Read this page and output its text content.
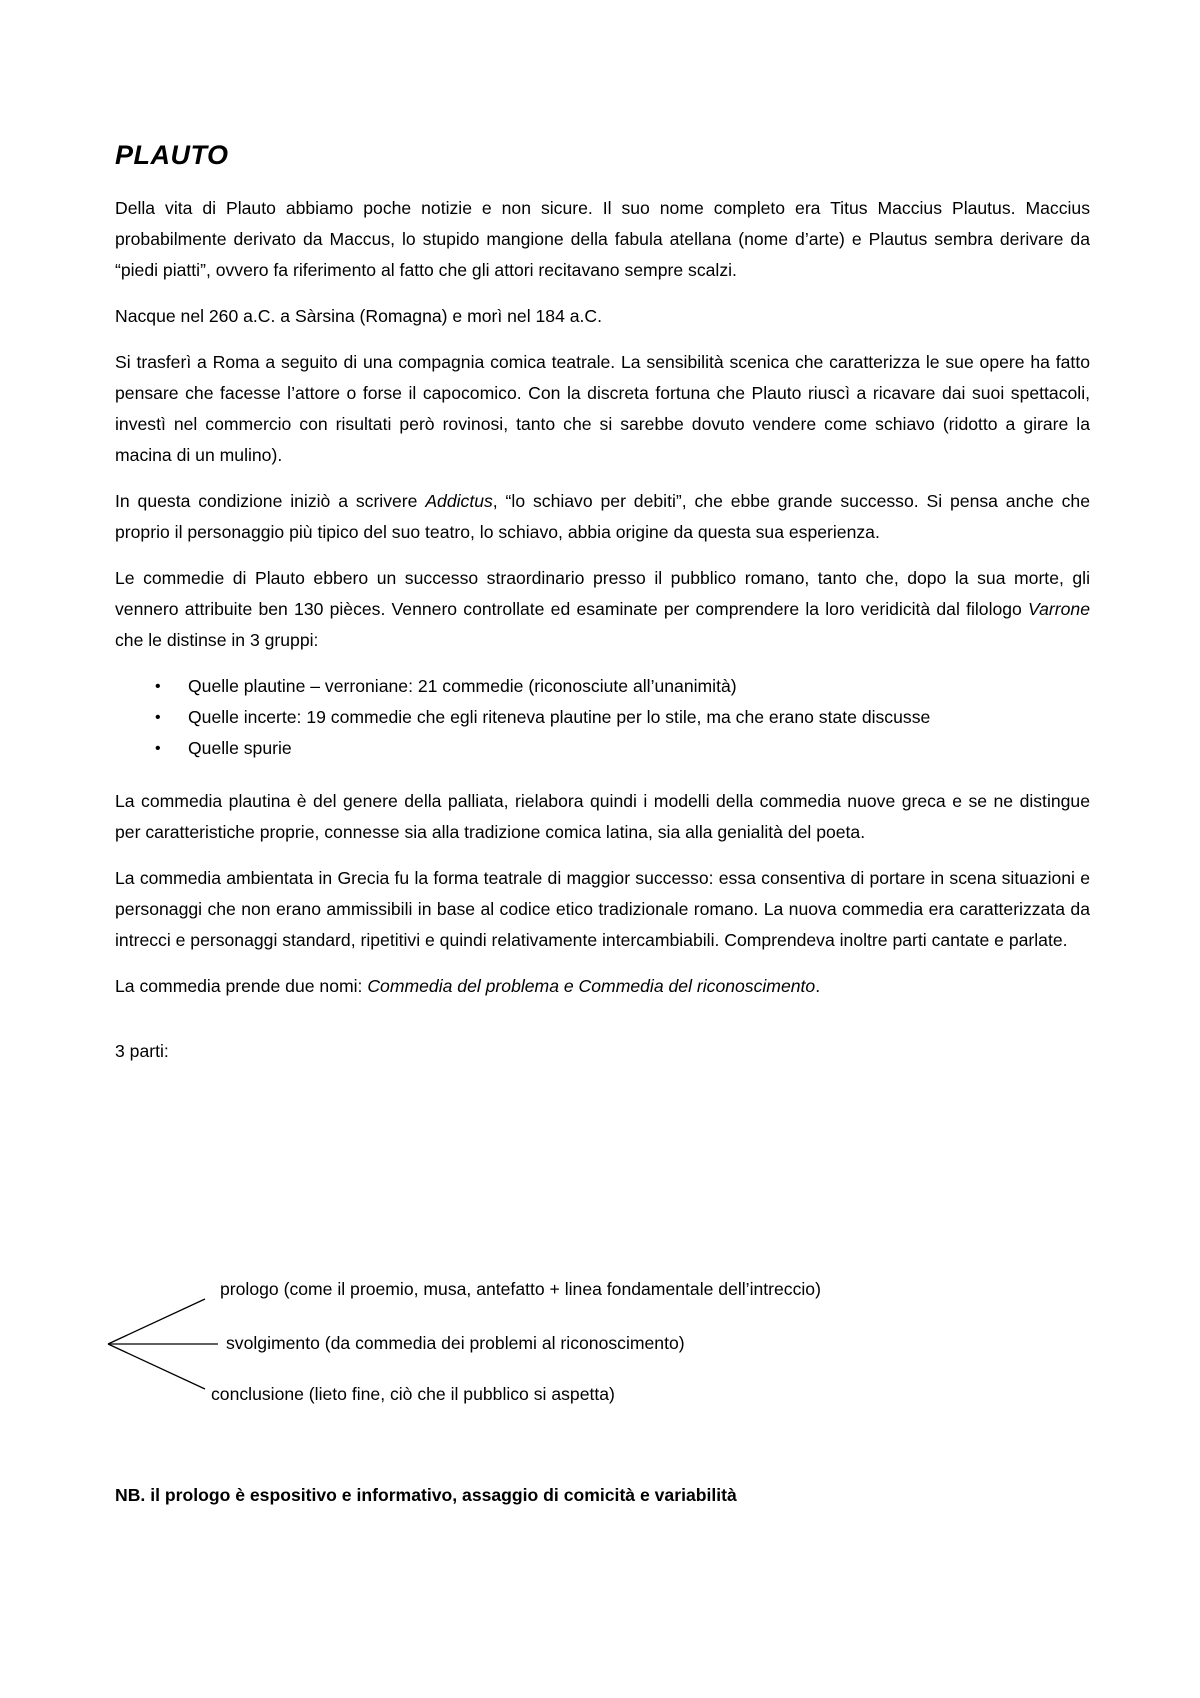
PLAUTO

Della vita di Plauto abbiamo poche notizie e non sicure. Il suo nome completo era Titus Maccius Plautus. Maccius probabilmente derivato da Maccus, lo stupido mangione della fabula atellana (nome d’arte) e Plautus sembra derivare da “piedi piatti”, ovvero fa riferimento al fatto che gli attori recitavano sempre scalzi.

Nacque nel 260 a.C. a Sàrsina (Romagna) e morì nel 184 a.C.

Si trasferì a Roma a seguito di una compagnia comica teatrale. La sensibilità scenica che caratterizza le sue opere ha fatto pensare che facesse l’attore o forse il capocomico. Con la discreta fortuna che Plauto riuscì a ricavare dai suoi spettacoli, investì nel commercio con risultati però rovinosi, tanto che si sarebbe dovuto vendere come schiavo (ridotto a girare la macina di un mulino).

In questa condizione iniziò a scrivere Addictus, “lo schiavo per debiti”, che ebbe grande successo. Si pensa anche che proprio il personaggio più tipico del suo teatro, lo schiavo, abbia origine da questa sua esperienza.

Le commedie di Plauto ebbero un successo straordinario presso il pubblico romano, tanto che, dopo la sua morte, gli vennero attribuite ben 130 pièces. Vennero controllate ed esaminate per comprendere la loro veridicità dal filologo Varrone che le distinse in 3 gruppi:

• Quelle plautine – verroniane: 21 commedie (riconosciute all’unanimità)
• Quelle incerte: 19 commedie che egli riteneva plautine per lo stile, ma che erano state discusse
• Quelle spurie

La commedia plautina è del genere della palliata, rielabora quindi i modelli della commedia nuove greca e se ne distingue per caratteristiche proprie, connesse sia alla tradizione comica latina, sia alla genialità del poeta.

La commedia ambientata in Grecia fu la forma teatrale di maggior successo: essa consentiva di portare in scena situazioni e personaggi che non erano ammissibili in base al codice etico tradizionale romano. La nuova commedia era caratterizzata da intrecci e personaggi standard, ripetitivi e quindi relativamente intercambiabili. Comprendeva inoltre parti cantate e parlate.

La commedia prende due nomi: Commedia del problema e Commedia del riconoscimento.

3 parti:
prologo (come il proemio, musa, antefatto + linea fondamentale dell’intreccio)
svolgimento (da commedia dei problemi al riconoscimento)
conclusione (lieto fine, ciò che il pubblico si aspetta)
NB. il prologo è espositivo e informativo, assaggio di comicità e variabilità
